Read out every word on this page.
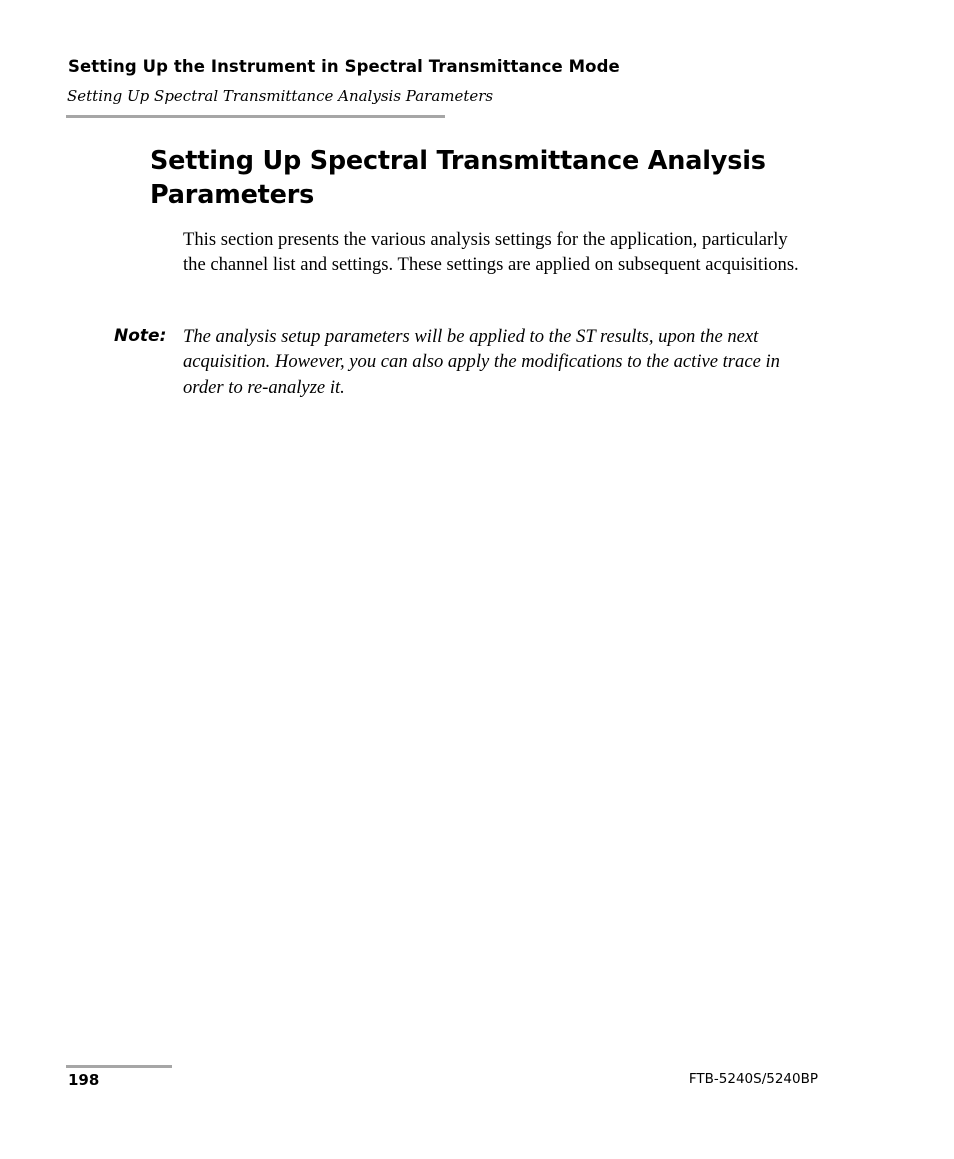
Setting Up the Instrument in Spectral Transmittance Mode
Setting Up Spectral Transmittance Analysis Parameters
Setting Up Spectral Transmittance Analysis Parameters

This section presents the various analysis settings for the application, particularly the channel list and settings. These settings are applied on subsequent acquisitions.

Note: The analysis setup parameters will be applied to the ST results, upon the next acquisition. However, you can also apply the modifications to the active trace in order to re-analyze it.

198	FTB-5240S/5240BP
